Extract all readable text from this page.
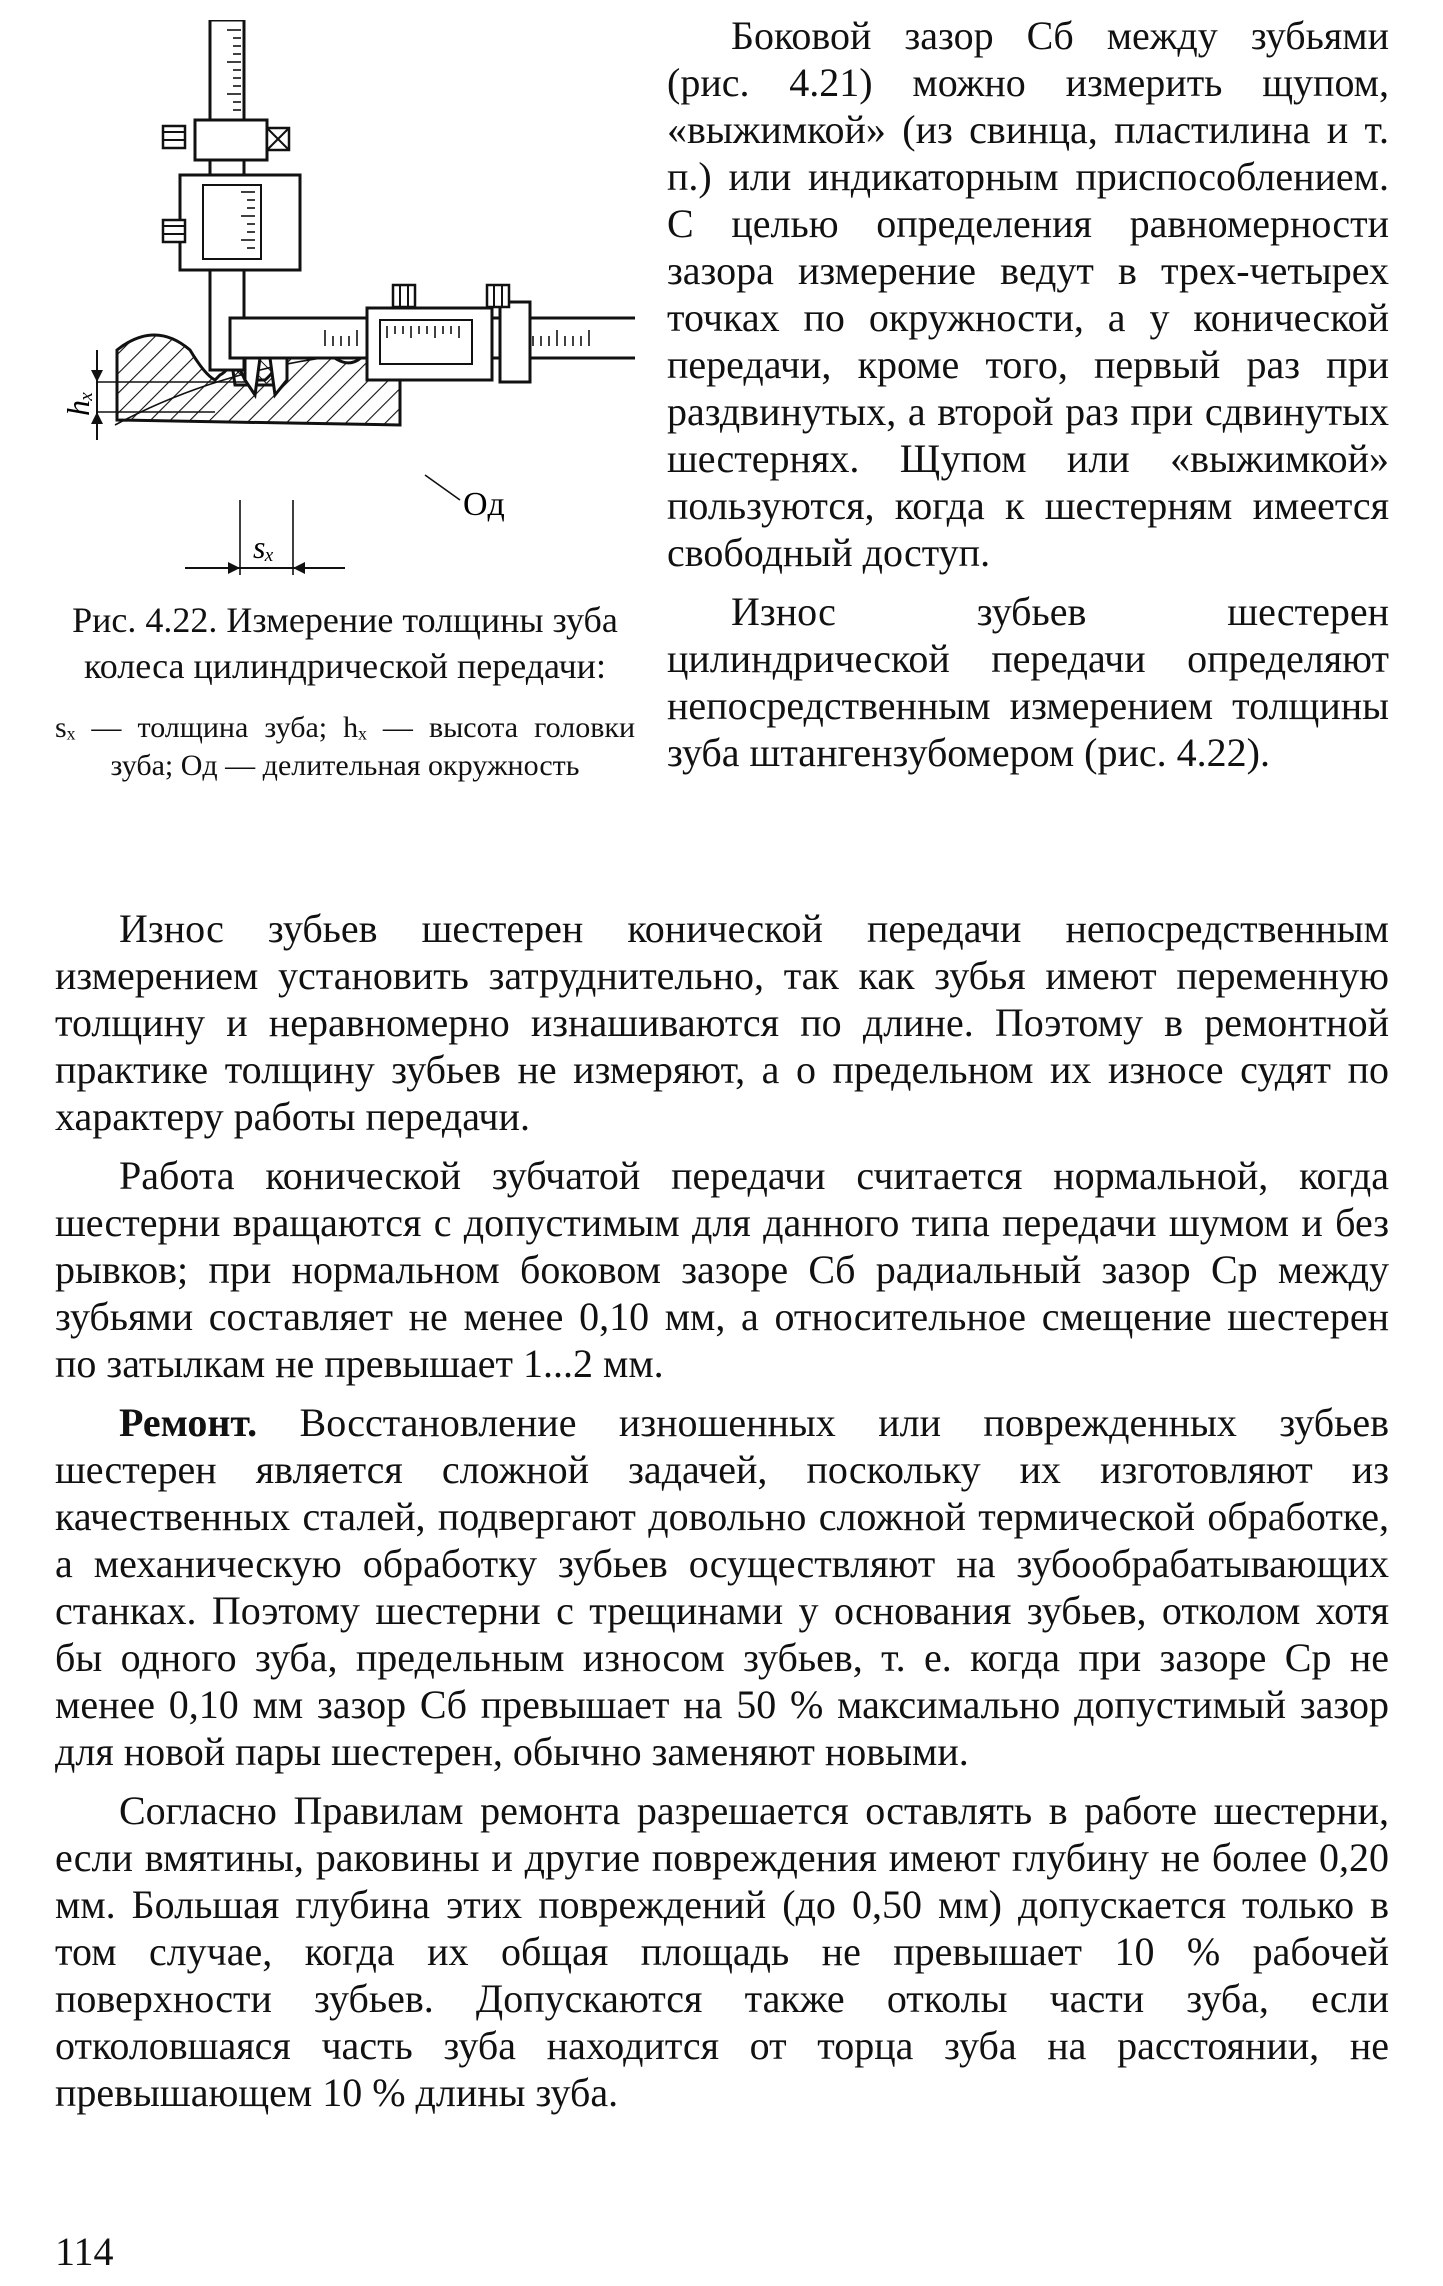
hₓ
sₓ
Oд
Рис. 4.22. Измерение толщины зуба колеса цилиндрической передачи:
sₓ — толщина зуба; hₓ — высота головки зуба; Oд — делительная окружность

Боковой зазор Cб между зубьями (рис. 4.21) можно измерить щупом, «выжимкой» (из свинца, пластилина и т. п.) или индикаторным приспособлением. С целью определения равномерности зазора измерение ведут в трех-четырех точках по окружности, а у конической передачи, кроме того, первый раз при раздвинутых, а второй раз при сдвинутых шестернях. Щупом или «выжимкой» пользуются, когда к шестерням имеется свободный доступ.

Износ зубьев шестерен цилиндрической передачи определяют непосредственным измерением толщины зуба штангензубомером (рис. 4.22).

Износ зубьев шестерен конической передачи непосредственным измерением установить затруднительно, так как зубья имеют переменную толщину и неравномерно изнашиваются по длине. Поэтому в ремонтной практике толщину зубьев не измеряют, а о предельном их износе судят по характеру работы передачи.

Работа конической зубчатой передачи считается нормальной, когда шестерни вращаются с допустимым для данного типа передачи шумом и без рывков; при нормальном боковом зазоре Cб радиальный зазор Cр между зубьями составляет не менее 0,10 мм, а относительное смещение шестерен по затылкам не превышает 1...2 мм.

Ремонт. Восстановление изношенных или поврежденных зубьев шестерен является сложной задачей, поскольку их изготовляют из качественных сталей, подвергают довольно сложной термической обработке, а механическую обработку зубьев осуществляют на зубообрабатывающих станках. Поэтому шестерни с трещинами у основания зубьев, отколом хотя бы одного зуба, предельным износом зубьев, т. е. когда при зазоре Cр не менее 0,10 мм зазор Cб превышает на 50 % максимально допустимый зазор для новой пары шестерен, обычно заменяют новыми.

Согласно Правилам ремонта разрешается оставлять в работе шестерни, если вмятины, раковины и другие повреждения имеют глубину не более 0,20 мм. Большая глубина этих повреждений (до 0,50 мм) допускается только в том случае, когда их общая площадь не превышает 10 % рабочей поверхности зубьев. Допускаются также отколы части зуба, если отколовшаяся часть зуба находится от торца зуба на расстоянии, не превышающем 10 % длины зуба.

114
